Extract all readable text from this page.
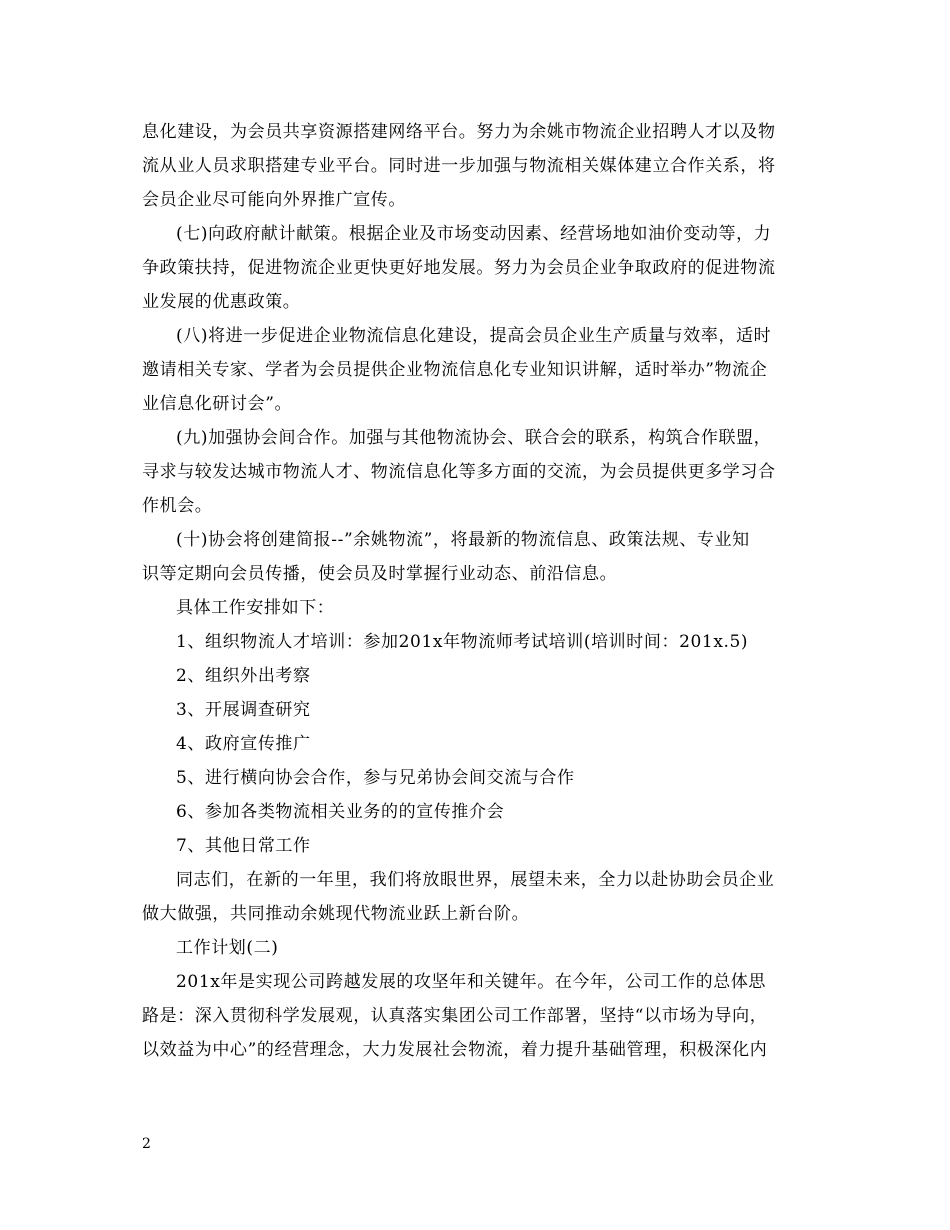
息化建设，为会员共享资源搭建网络平台。努力为余姚市物流企业招聘人才以及物
流从业人员求职搭建专业平台。同时进一步加强与物流相关媒体建立合作关系，将
会员企业尽可能向外界推广宣传。
(七)向政府献计献策。根据企业及市场变动因素、经营场地如油价变动等，力
争政策扶持，促进物流企业更快更好地发展。努力为会员企业争取政府的促进物流
业发展的优惠政策。
(八)将进一步促进企业物流信息化建设，提高会员企业生产质量与效率，适时
邀请相关专家、学者为会员提供企业物流信息化专业知识讲解，适时举办”物流企
业信息化研讨会”。
(九)加强协会间合作。加强与其他物流协会、联合会的联系，构筑合作联盟，
寻求与较发达城市物流人才、物流信息化等多方面的交流，为会员提供更多学习合
作机会。
(十)协会将创建简报--”余姚物流”，将最新的物流信息、政策法规、专业知
识等定期向会员传播，使会员及时掌握行业动态、前沿信息。
具体工作安排如下：
1、组织物流人才培训：参加201x年物流师考试培训(培训时间：201x.5)
2、组织外出考察
3、开展调查研究
4、政府宣传推广
5、进行横向协会合作，参与兄弟协会间交流与合作
6、参加各类物流相关业务的的宣传推介会
7、其他日常工作
同志们，在新的一年里，我们将放眼世界，展望未来，全力以赴协助会员企业
做大做强，共同推动余姚现代物流业跃上新台阶。
工作计划(二)
201x年是实现公司跨越发展的攻坚年和关键年。在今年，公司工作的总体思
路是：深入贯彻科学发展观，认真落实集团公司工作部署，坚持“以市场为导向，
以效益为中心”的经营理念，大力发展社会物流，着力提升基础管理，积极深化内
2
